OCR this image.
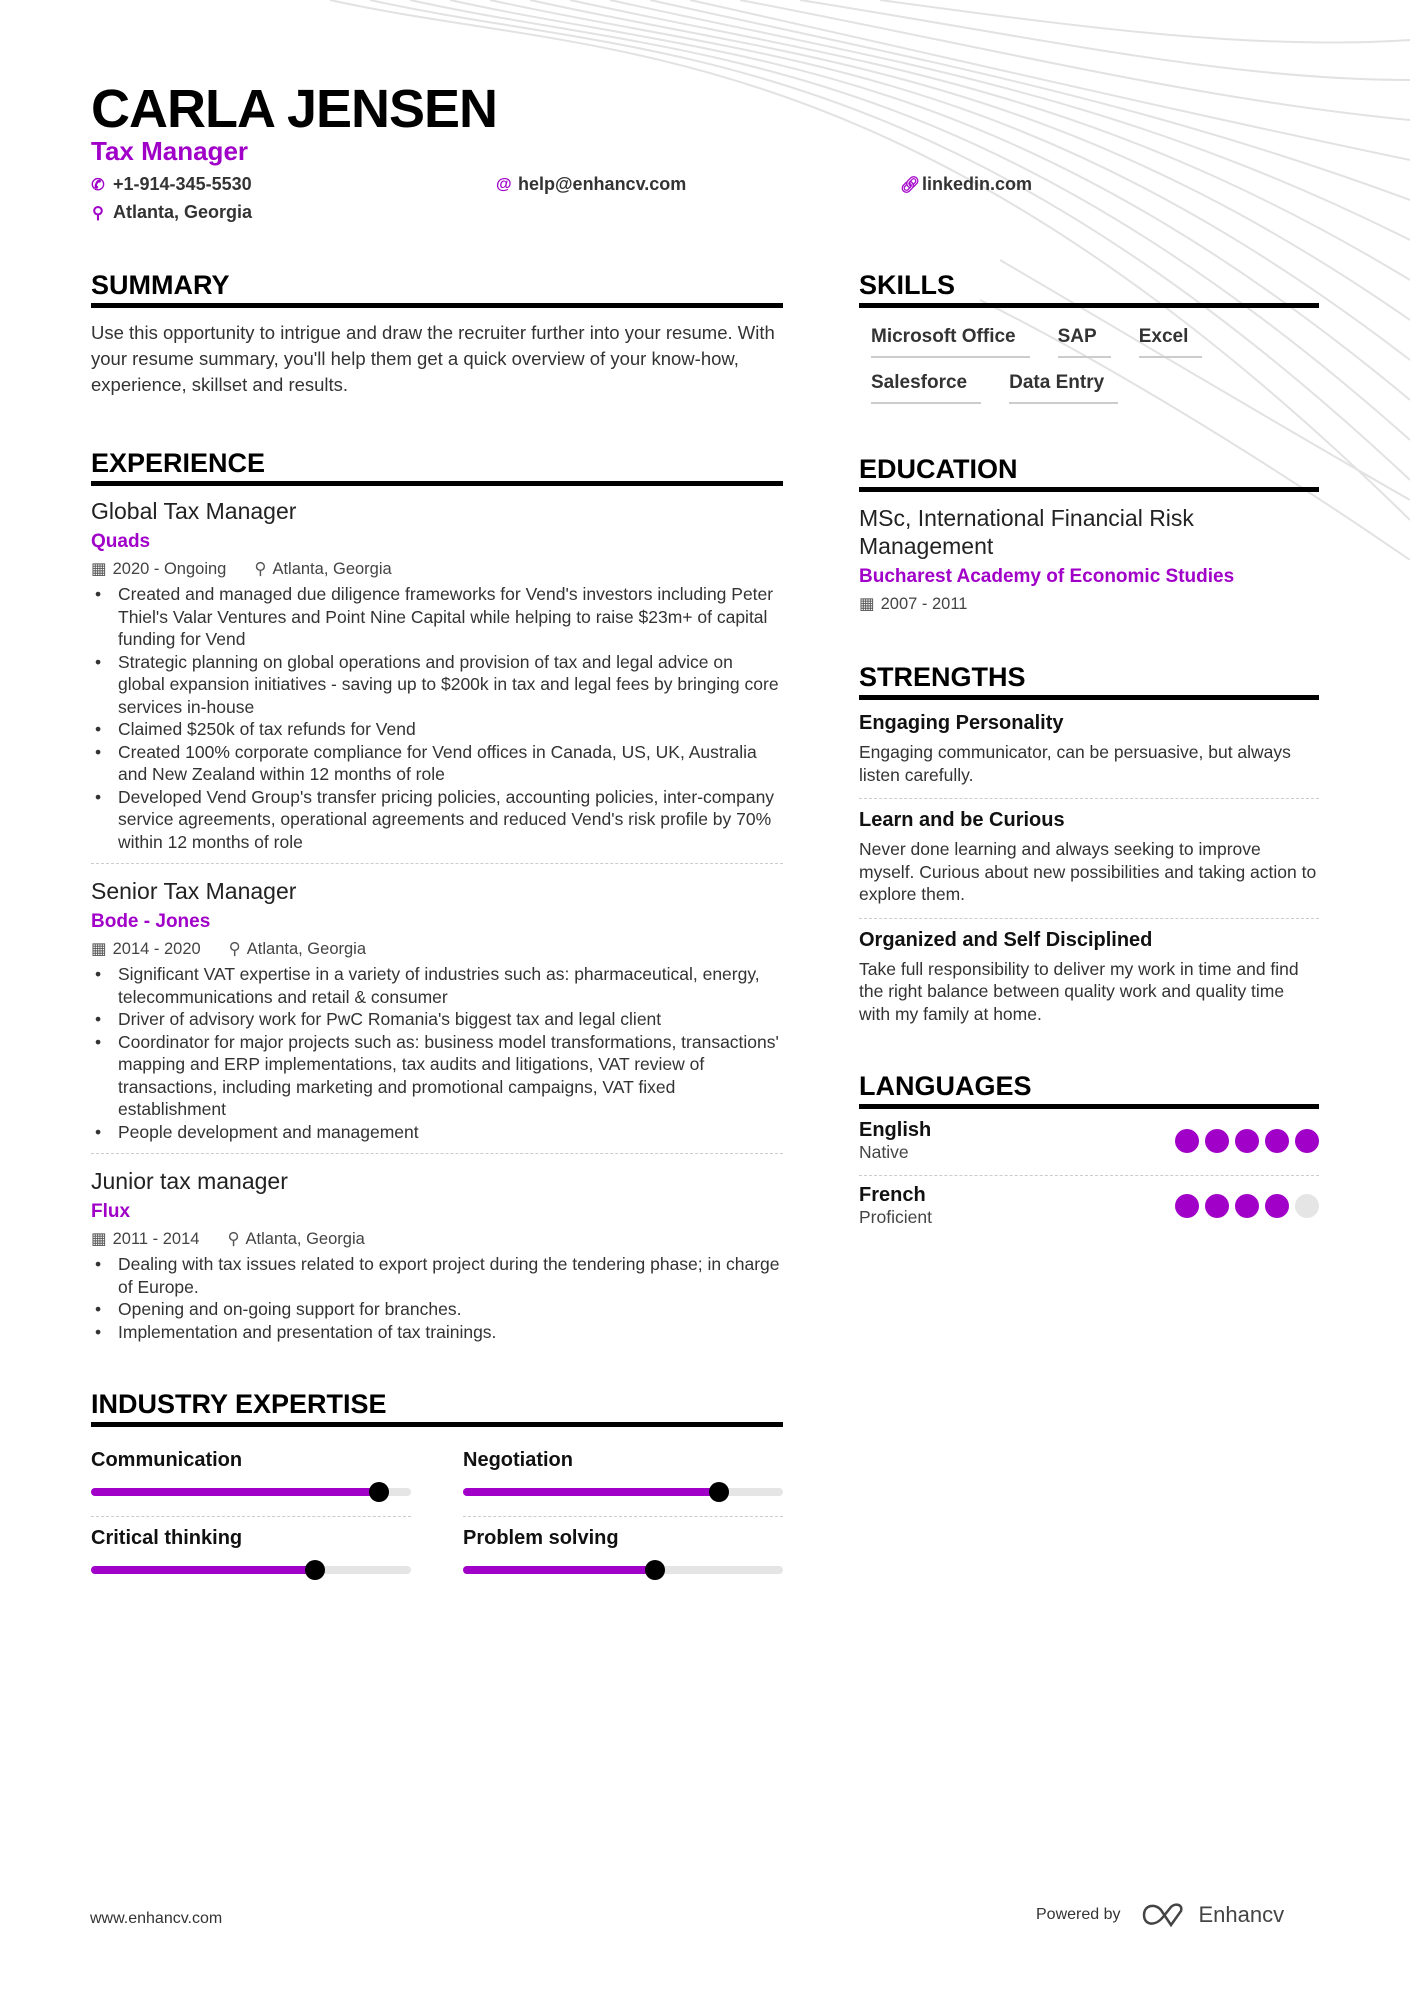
CARLA JENSEN
Tax Manager
✆ +1-914-345-5530	@ help@enhancv.com	🔗︎ linkedin.com
⚲ Atlanta, Georgia
SUMMARY
Use this opportunity to intrigue and draw the recruiter further into your resume. With your resume summary, you'll help them get a quick overview of your know-how, experience, skillset and results.
EXPERIENCE
Global Tax Manager
Quads
▦ 2020 - Ongoing ⚲ Atlanta, Georgia
• Created and managed due diligence frameworks for Vend's investors including Peter Thiel's Valar Ventures and Point Nine Capital while helping to raise $23m+ of capital funding for Vend
• Strategic planning on global operations and provision of tax and legal advice on global expansion initiatives - saving up to $200k in tax and legal fees by bringing core services in-house
• Claimed $250k of tax refunds for Vend
• Created 100% corporate compliance for Vend offices in Canada, US, UK, Australia and New Zealand within 12 months of role
• Developed Vend Group's transfer pricing policies, accounting policies, inter-company service agreements, operational agreements and reduced Vend's risk profile by 70% within 12 months of role
Senior Tax Manager
Bode - Jones
▦ 2014 - 2020 ⚲ Atlanta, Georgia
• Significant VAT expertise in a variety of industries such as: pharmaceutical, energy, telecommunications and retail & consumer
• Driver of advisory work for PwC Romania's biggest tax and legal client
• Coordinator for major projects such as: business model transformations, transactions' mapping and ERP implementations, tax audits and litigations, VAT review of transactions, including marketing and promotional campaigns, VAT fixed establishment
• People development and management
Junior tax manager
Flux
▦ 2011 - 2014 ⚲ Atlanta, Georgia
• Dealing with tax issues related to export project during the tendering phase; in charge of Europe.
• Opening and on-going support for branches.
• Implementation and presentation of tax trainings.
INDUSTRY EXPERTISE
Communication	Negotiation
Critical thinking	Problem solving
SKILLS
Microsoft Office	SAP	Excel
Salesforce	Data Entry
EDUCATION
MSc, International Financial Risk Management
Bucharest Academy of Economic Studies
▦ 2007 - 2011
STRENGTHS
Engaging Personality
Engaging communicator, can be persuasive, but always listen carefully.
Learn and be Curious
Never done learning and always seeking to improve myself. Curious about new possibilities and taking action to explore them.
Organized and Self Disciplined
Take full responsibility to deliver my work in time and find the right balance between quality work and quality time with my family at home.
LANGUAGES
English
Native
French
Proficient
www.enhancv.com	Powered by	Enhancv
